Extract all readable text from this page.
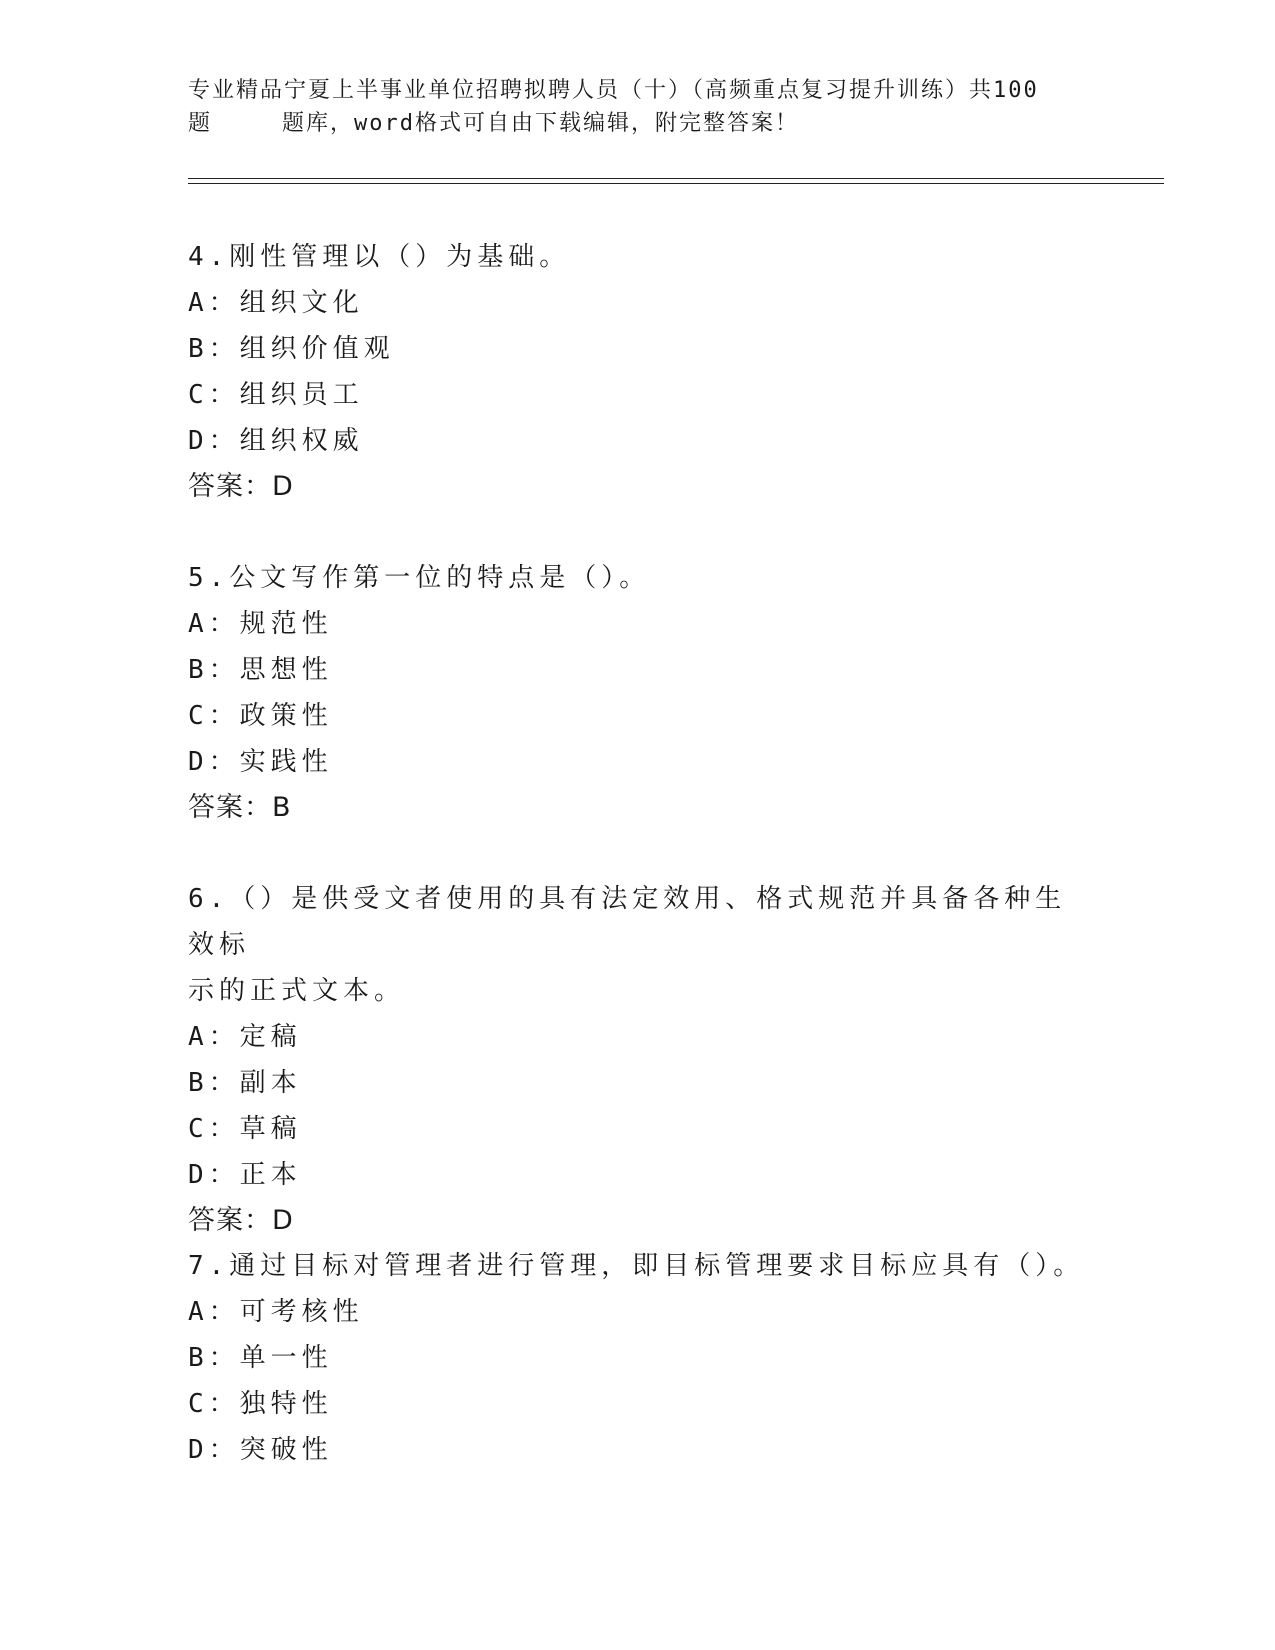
专业精品宁夏上半事业单位招聘拟聘人员（十）（高频重点复习提升训练）共100
题	题库，word格式可自由下载编辑，附完整答案！

4.刚性管理以（）为基础。

A：组织文化

B：组织价值观

C：组织员工

D：组织权威

答案：D

5.公文写作第一位的特点是（）。

A：规范性

B：思想性

C：政策性

D：实践性

答案：B

6.（）是供受文者使用的具有法定效用、格式规范并具备各种生效标

示的正式文本。

A：定稿

B：副本

C：草稿

D：正本

答案：D

7.通过目标对管理者进行管理，即目标管理要求目标应具有（）。

A：可考核性

B：单一性

C：独特性

D：突破性
